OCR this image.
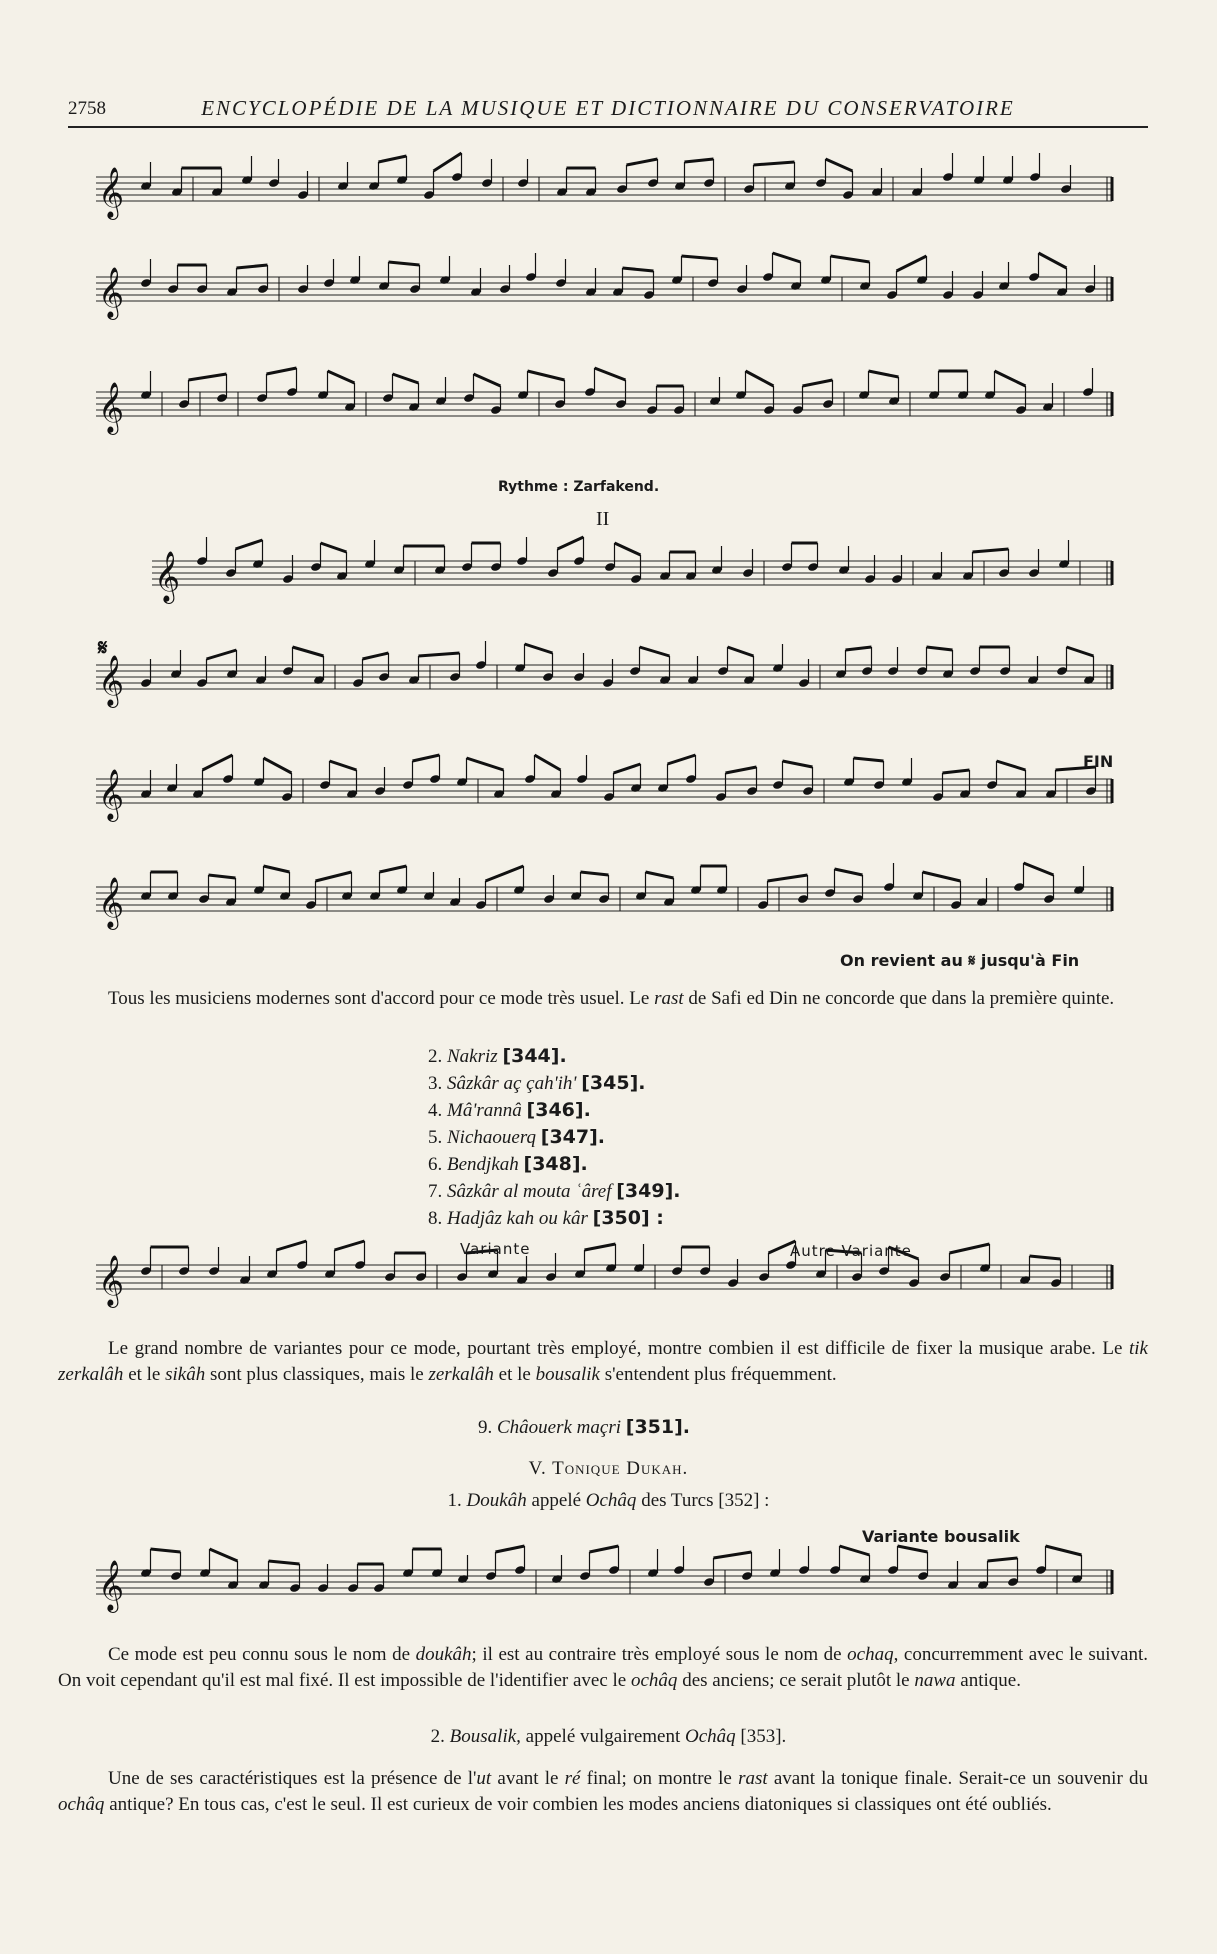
2758	ENCYCLOPÉDIE DE LA MUSIQUE ET DICTIONNAIRE DU CONSERVATOIRE
𝄞
𝄞
𝄞
𝄞
𝄞
𝄞
𝄞
𝄞
𝄞
𝄋
Rythme : Zarfakend.
II
FIN
On revient au 𝄋 jusqu'à Fin
Variante	Autre Variante
Variante bousalik
Tous les musiciens modernes sont d'accord pour ce mode très usuel. Le rast de Safi ed Din ne concorde que dans la première quinte.
2. Nakriz [344].
3. Sâzkâr aç çah'ih' [345].
4. Mâ'rannâ [346].
5. Nichaouerq [347].
6. Bendjkah [348].
7. Sâzkâr al mouta ʿâref [349].
8. Hadjâz kah ou kâr [350] :
Le grand nombre de variantes pour ce mode, pourtant très employé, montre combien il est difficile de fixer la musique arabe. Le tik zerkalâh et le sikâh sont plus classiques, mais le zerkalâh et le bousalik s'entendent plus fréquemment.
9. Châouerk maçri [351].
V. Tonique Dukah.
1. Doukâh appelé Ochâq des Turcs [352] :
Ce mode est peu connu sous le nom de doukâh; il est au contraire très employé sous le nom de ochaq, concurremment avec le suivant. On voit cependant qu'il est mal fixé. Il est impossible de l'identifier avec le ochâq des anciens; ce serait plutôt le nawa antique.
2. Bousalik, appelé vulgairement Ochâq [353].
Une de ses caractéristiques est la présence de l'ut avant le ré final; on montre le rast avant la tonique finale. Serait-ce un souvenir du ochâq antique? En tous cas, c'est le seul. Il est curieux de voir combien les modes anciens diatoniques si classiques ont été oubliés.
